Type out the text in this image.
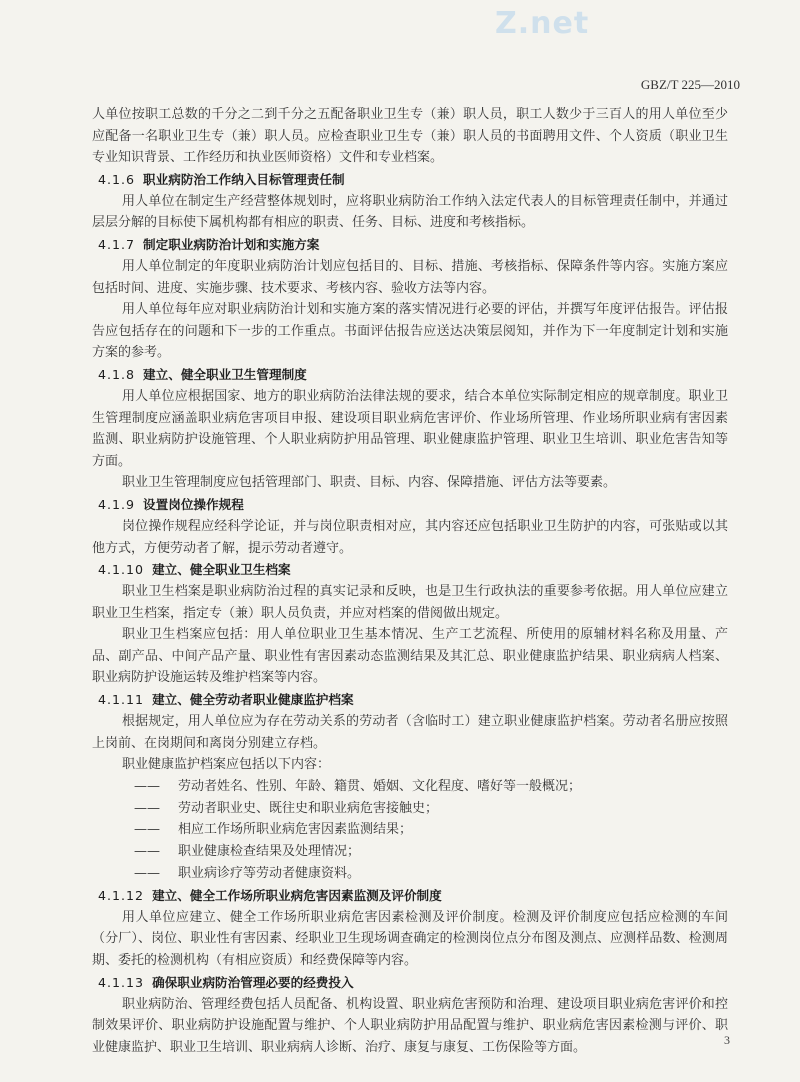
Z.net
GBZ/T 225—2010

人单位按职工总数的千分之二到千分之五配备职业卫生专（兼）职人员，职工人数少于三百人的用人单位至少应配备一名职业卫生专（兼）职人员。应检查职业卫生专（兼）职人员的书面聘用文件、个人资质（职业卫生专业知识背景、工作经历和执业医师资格）文件和专业档案。

4.1.6 职业病防治工作纳入目标管理责任制

用人单位在制定生产经营整体规划时，应将职业病防治工作纳入法定代表人的目标管理责任制中，并通过层层分解的目标使下属机构都有相应的职责、任务、目标、进度和考核指标。

4.1.7 制定职业病防治计划和实施方案

用人单位制定的年度职业病防治计划应包括目的、目标、措施、考核指标、保障条件等内容。实施方案应包括时间、进度、实施步骤、技术要求、考核内容、验收方法等内容。

用人单位每年应对职业病防治计划和实施方案的落实情况进行必要的评估，并撰写年度评估报告。评估报告应包括存在的问题和下一步的工作重点。书面评估报告应送达决策层阅知，并作为下一年度制定计划和实施方案的参考。

4.1.8 建立、健全职业卫生管理制度

用人单位应根据国家、地方的职业病防治法律法规的要求，结合本单位实际制定相应的规章制度。职业卫生管理制度应涵盖职业病危害项目申报、建设项目职业病危害评价、作业场所管理、作业场所职业病有害因素监测、职业病防护设施管理、个人职业病防护用品管理、职业健康监护管理、职业卫生培训、职业危害告知等方面。

职业卫生管理制度应包括管理部门、职责、目标、内容、保障措施、评估方法等要素。

4.1.9 设置岗位操作规程

岗位操作规程应经科学论证，并与岗位职责相对应，其内容还应包括职业卫生防护的内容，可张贴或以其他方式，方便劳动者了解，提示劳动者遵守。

4.1.10 建立、健全职业卫生档案

职业卫生档案是职业病防治过程的真实记录和反映，也是卫生行政执法的重要参考依据。用人单位应建立职业卫生档案，指定专（兼）职人员负责，并应对档案的借阅做出规定。

职业卫生档案应包括：用人单位职业卫生基本情况、生产工艺流程、所使用的原辅材料名称及用量、产品、副产品、中间产品产量、职业性有害因素动态监测结果及其汇总、职业健康监护结果、职业病病人档案、职业病防护设施运转及维护档案等内容。

4.1.11 建立、健全劳动者职业健康监护档案

根据规定，用人单位应为存在劳动关系的劳动者（含临时工）建立职业健康监护档案。劳动者名册应按照上岗前、在岗期间和离岗分别建立存档。

职业健康监护档案应包括以下内容：

—— 劳动者姓名、性别、年龄、籍贯、婚姻、文化程度、嗜好等一般概况；
—— 劳动者职业史、既往史和职业病危害接触史；
—— 相应工作场所职业病危害因素监测结果；
—— 职业健康检查结果及处理情况；
—— 职业病诊疗等劳动者健康资料。
4.1.12 建立、健全工作场所职业病危害因素监测及评价制度

用人单位应建立、健全工作场所职业病危害因素检测及评价制度。检测及评价制度应包括应检测的车间（分厂）、岗位、职业性有害因素、经职业卫生现场调查确定的检测岗位点分布图及测点、应测样品数、检测周期、委托的检测机构（有相应资质）和经费保障等内容。

4.1.13 确保职业病防治管理必要的经费投入

职业病防治、管理经费包括人员配备、机构设置、职业病危害预防和治理、建设项目职业病危害评价和控制效果评价、职业病防护设施配置与维护、个人职业病防护用品配置与维护、职业病危害因素检测与评价、职业健康监护、职业卫生培训、职业病病人诊断、治疗、康复与康复、工伤保险等方面。	3
